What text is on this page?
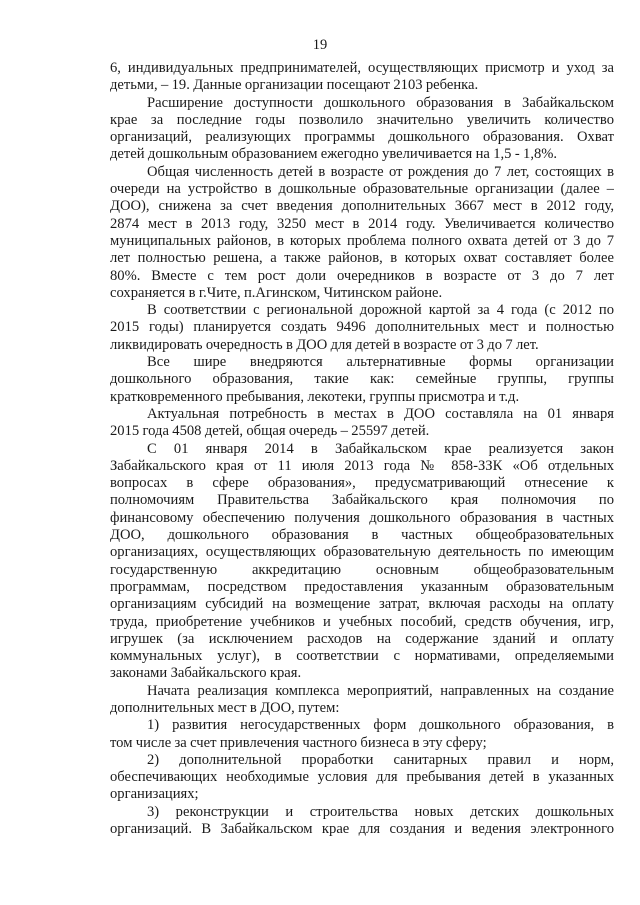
19
6, индивидуальных предпринимателей, осуществляющих присмотр и уход за
детьми, – 19. Данные организации посещают 2103 ребенка.
Расширение доступности дошкольного образования в Забайкальском
крае за последние годы позволило значительно увеличить количество
организаций, реализующих программы дошкольного образования. Охват
детей дошкольным образованием ежегодно увеличивается на 1,5 - 1,8%.
Общая численность детей в возрасте от рождения до 7 лет, состоящих в
очереди на устройство в дошкольные образовательные организации (далее –
ДОО), снижена за счет введения дополнительных 3667 мест в 2012 году,
2874 мест в 2013 году, 3250 мест в 2014 году. Увеличивается количество
муниципальных районов, в которых проблема полного охвата детей от 3 до 7
лет полностью решена, а также районов, в которых охват составляет более
80%. Вместе с тем рост доли очередников в возрасте от 3 до 7 лет
сохраняется в г.Чите, п.Агинском, Читинском районе.
В соответствии с региональной дорожной картой за 4 года (с 2012 по
2015 годы) планируется создать 9496 дополнительных мест и полностью
ликвидировать очередность в ДОО для детей в возрасте от 3 до 7 лет.
Все шире внедряются альтернативные формы организации
дошкольного образования, такие как: семейные группы, группы
кратковременного пребывания, лекотеки, группы присмотра и т.д.
Актуальная потребность в местах в ДОО составляла на 01 января
2015 года 4508 детей, общая очередь – 25597 детей.
С 01 января 2014 в Забайкальском крае реализуется закон
Забайкальского края от 11 июля 2013 года № 858-ЗЗК «Об отдельных
вопросах в сфере образования», предусматривающий отнесение к
полномочиям Правительства Забайкальского края полномочия по
финансовому обеспечению получения дошкольного образования в частных
ДОО, дошкольного образования в частных общеобразовательных
организациях, осуществляющих образовательную деятельность по имеющим
государственную аккредитацию основным общеобразовательным
программам, посредством предоставления указанным образовательным
организациям субсидий на возмещение затрат, включая расходы на оплату
труда, приобретение учебников и учебных пособий, средств обучения, игр,
игрушек (за исключением расходов на содержание зданий и оплату
коммунальных услуг), в соответствии с нормативами, определяемыми
законами Забайкальского края.
Начата реализация комплекса мероприятий, направленных на создание
дополнительных мест в ДОО, путем:
1) развития негосударственных форм дошкольного образования, в
том числе за счет привлечения частного бизнеса в эту сферу;
2) дополнительной проработки санитарных правил и норм,
обеспечивающих необходимые условия для пребывания детей в указанных
организациях;
3) реконструкции и строительства новых детских дошкольных
организаций. В Забайкальском крае для создания и ведения электронного
